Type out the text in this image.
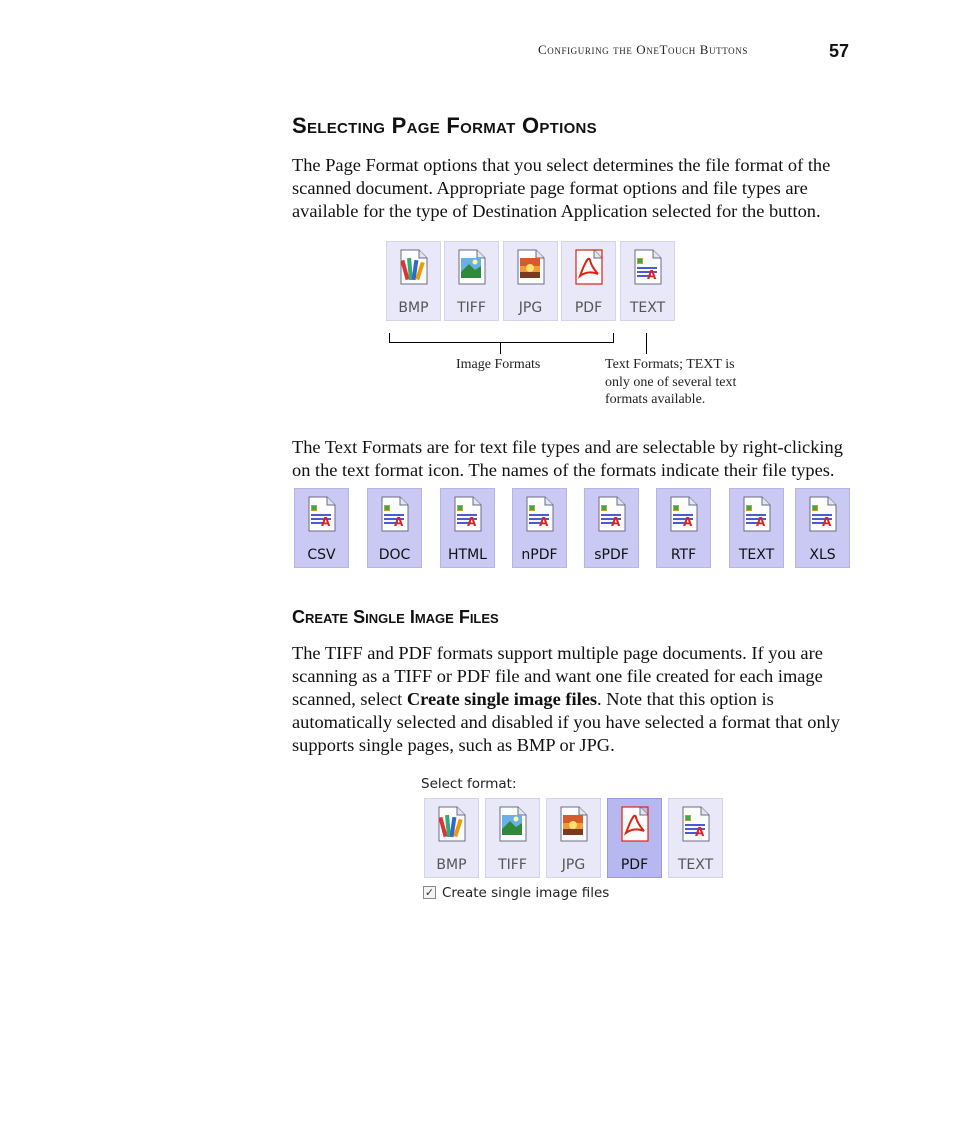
Configuring the OneTouch Buttons	57
Selecting Page Format Options

The Page Format options that you select determines the file format of the
scanned document. Appropriate page format options and file types are
available for the type of Destination Application selected for the button.

BMP	TIFF	JPG	PDF
A
TEXT
Image Formats	Text Formats; TEXT is
only one of several text
formats available.

The Text Formats are for text file types and are selectable by right-clicking
on the text format icon. The names of the formats indicate their file types.

A
CSV
A
DOC
A
HTML
A
nPDF
A
sPDF
A
RTF
A
TEXT
A
XLS
Create Single Image Files

The TIFF and PDF formats support multiple page documents. If you are
scanning as a TIFF or PDF file and want one file created for each image
scanned, select Create single image files. Note that this option is
automatically selected and disabled if you have selected a format that only
supports single pages, such as BMP or JPG.

Select format:
BMP	TIFF	JPG	PDF
A
TEXT
✓ Create single image files
